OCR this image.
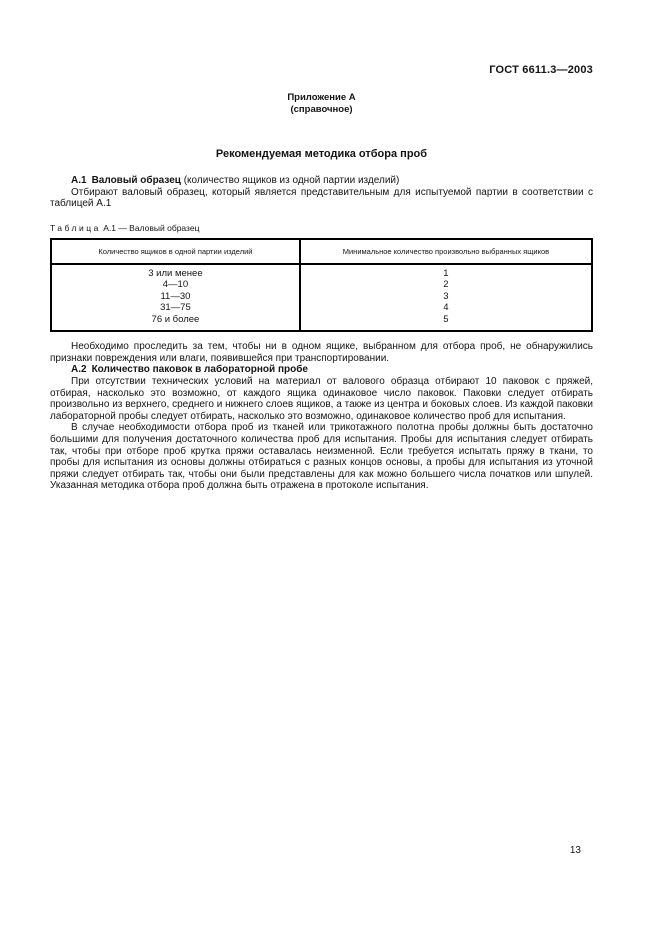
ГОСТ 6611.3—2003
Приложение А
(справочное)
Рекомендуемая методика отбора проб

А.1 Валовый образец (количество ящиков из одной партии изделий)

Отбирают валовый образец, который является представительным для испытуемой партии в соответствии с таблицей А.1

Таблица А.1 — Валовый образец

Количество ящиков в одной партии изделий	Минимальное количество произвольно выбранных ящиков
3 или менее	1
4—10	2
11—30	3
31—75	4
76 и более	5

Необходимо проследить за тем, чтобы ни в одном ящике, выбранном для отбора проб, не обнаружились признаки повреждения или влаги, появившейся при транспортировании.

А.2 Количество паковок в лабораторной пробе

При отсутствии технических условий на материал от валового образца отбирают 10 паковок с пряжей, отбирая, насколько это возможно, от каждого ящика одинаковое число паковок. Паковки следует отбирать произвольно из верхнего, среднего и нижнего слоев ящиков, а также из центра и боковых слоев. Из каждой паковки лабораторной пробы следует отбирать, насколько это возможно, одинаковое количество проб для испытания.

В случае необходимости отбора проб из тканей или трикотажного полотна пробы должны быть достаточно большими для получения достаточного количества проб для испытания. Пробы для испытания следует отбирать так, чтобы при отборе проб крутка пряжи оставалась неизменной. Если требуется испытать пряжу в ткани, то пробы для испытания из основы должны отбираться с разных концов основы, а пробы для испытания из уточной пряжи следует отбирать так, чтобы они были представлены для как можно большего числа початков или шпулей. Указанная методика отбора проб должна быть отражена в протоколе испытания.

13
